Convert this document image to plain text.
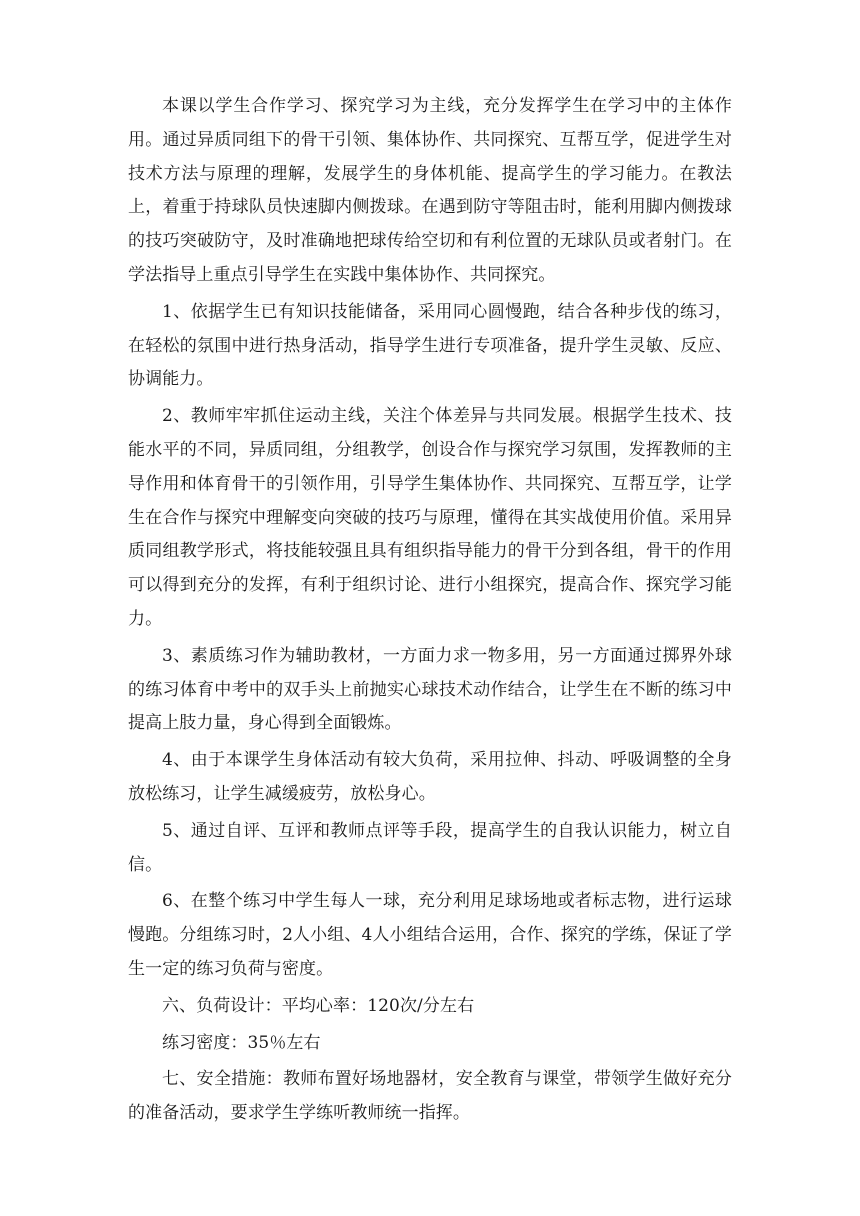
本课以学生合作学习、探究学习为主线，充分发挥学生在学习中的主体作用。通过异质同组下的骨干引领、集体协作、共同探究、互帮互学，促进学生对技术方法与原理的理解，发展学生的身体机能、提高学生的学习能力。在教法上，着重于持球队员快速脚内侧拨球。在遇到防守等阻击时，能利用脚内侧拨球的技巧突破防守，及时准确地把球传给空切和有利位置的无球队员或者射门。在学法指导上重点引导学生在实践中集体协作、共同探究。

1、依据学生已有知识技能储备，采用同心圆慢跑，结合各种步伐的练习，在轻松的氛围中进行热身活动，指导学生进行专项准备，提升学生灵敏、反应、协调能力。

2、教师牢牢抓住运动主线，关注个体差异与共同发展。根据学生技术、技能水平的不同，异质同组，分组教学，创设合作与探究学习氛围，发挥教师的主导作用和体育骨干的引领作用，引导学生集体协作、共同探究、互帮互学，让学生在合作与探究中理解变向突破的技巧与原理，懂得在其实战使用价值。采用异质同组教学形式，将技能较强且具有组织指导能力的骨干分到各组，骨干的作用可以得到充分的发挥，有利于组织讨论、进行小组探究，提高合作、探究学习能力。

3、素质练习作为辅助教材，一方面力求一物多用，另一方面通过掷界外球的练习体育中考中的双手头上前抛实心球技术动作结合，让学生在不断的练习中提高上肢力量，身心得到全面锻炼。

4、由于本课学生身体活动有较大负荷，采用拉伸、抖动、呼吸调整的全身放松练习，让学生减缓疲劳，放松身心。

5、通过自评、互评和教师点评等手段，提高学生的自我认识能力，树立自信。

6、在整个练习中学生每人一球，充分利用足球场地或者标志物，进行运球慢跑。分组练习时，2人小组、4人小组结合运用，合作、探究的学练，保证了学生一定的练习负荷与密度。

六、负荷设计：平均心率：120次/分左右

练习密度：35％左右

七、安全措施：教师布置好场地器材，安全教育与课堂，带领学生做好充分的准备活动，要求学生学练听教师统一指挥。
